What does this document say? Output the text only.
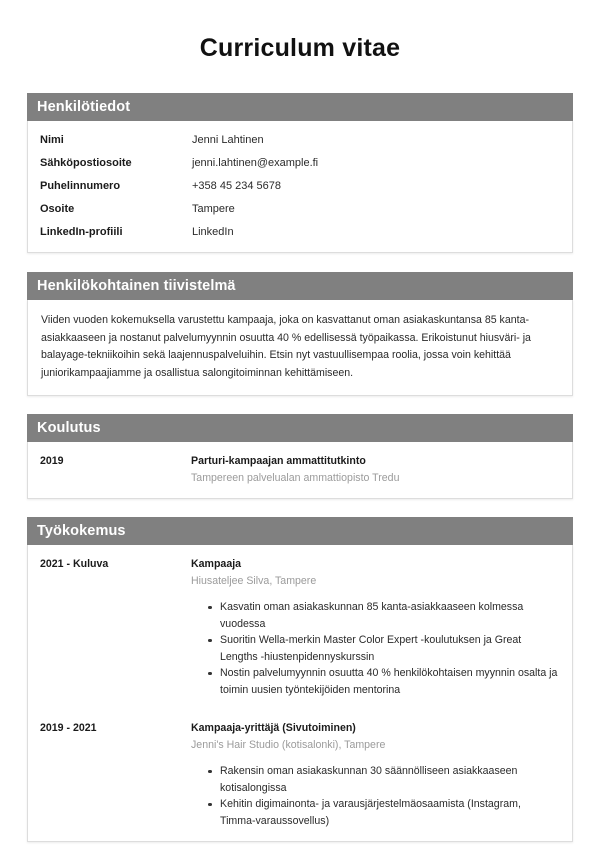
Curriculum vitae
Henkilötiedot
Nimi	Jenni Lahtinen
Sähköpostiosoite	jenni.lahtinen@example.fi
Puhelinnumero	+358 45 234 5678
Osoite	Tampere
LinkedIn-profiili	LinkedIn
Henkilökohtainen tiivistelmä

Viiden vuoden kokemuksella varustettu kampaaja, joka on kasvattanut oman asiakaskuntansa 85 kanta-asiakkaaseen ja nostanut palvelumyynnin osuutta 40 % edellisessä työpaikassa. Erikoistunut hiusväri- ja balayage-tekniikoihin sekä laajennuspalveluihin. Etsin nyt vastuullisempaa roolia, jossa voin kehittää juniorikampaajiamme ja osallistua salongitoiminnan kehittämiseen.

Koulutus
2019	Parturi-kampaajan ammattitutkinto
Tampereen palvelualan ammattiopisto Tredu
Työkokemus
2021 - Kuluva	Kampaaja
Hiusateljee Silva, Tampere
Kasvatin oman asiakaskunnan 85 kanta-asiakkaaseen kolmessa vuodessa
Suoritin Wella-merkin Master Color Expert -koulutuksen ja Great Lengths -hiustenpidennyskurssin
Nostin palvelumyynnin osuutta 40 % henkilökohtaisen myynnin osalta ja toimin uusien työntekijöiden mentorina
2019 - 2021	Kampaaja-yrittäjä (Sivutoiminen)
Jenni's Hair Studio (kotisalonki), Tampere
Rakensin oman asiakaskunnan 30 säännölliseen asiakkaaseen kotisalongissa
Kehitin digimainonta- ja varausjärjestelmäosaamista (Instagram, Timma-varaussovellus)
